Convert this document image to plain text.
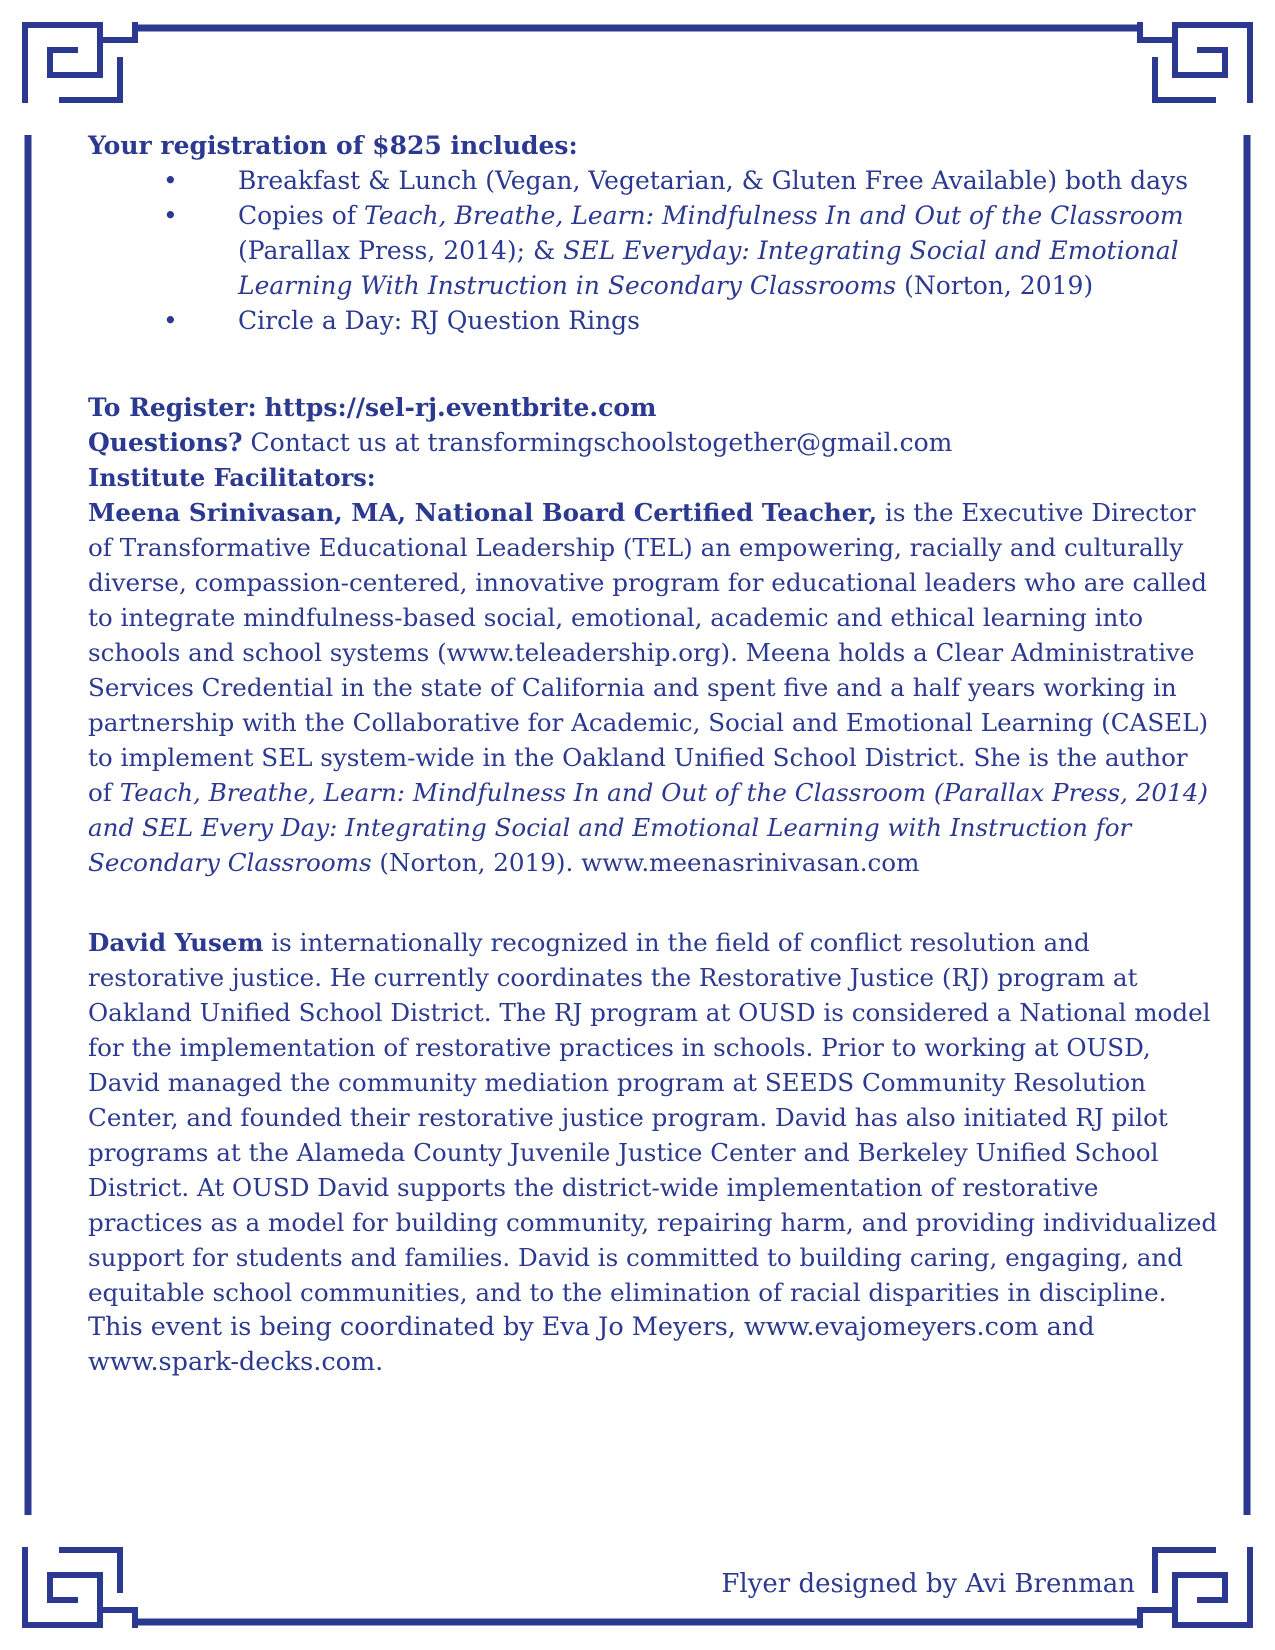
Your registration of $825 includes:

• Breakfast & Lunch (Vegan, Vegetarian, & Gluten Free Available) both days
• Copies of Teach, Breathe, Learn: Mindfulness In and Out of the Classroom (Parallax Press, 2014); & SEL Everyday: Integrating Social and Emotional Learning With Instruction in Secondary Classrooms (Norton, 2019)
• Circle a Day: RJ Question Rings

To Register: https://sel-rj.eventbrite.com

Questions? Contact us at transformingschoolstogether@gmail.com

Institute Facilitators:

Meena Srinivasan, MA, National Board Certified Teacher, is the Executive Director of Transformative Educational Leadership (TEL) an empowering, racially and culturally diverse, compassion-centered, innovative program for educational leaders who are called to integrate mindfulness-based social, emotional, academic and ethical learning into schools and school systems (www.teleadership.org). Meena holds a Clear Administrative Services Credential in the state of California and spent five and a half years working in partnership with the Collaborative for Academic, Social and Emotional Learning (CASEL) to implement SEL system-wide in the Oakland Unified School District. She is the author of Teach, Breathe, Learn: Mindfulness In and Out of the Classroom (Parallax Press, 2014) and SEL Every Day: Integrating Social and Emotional Learning with Instruction for Secondary Classrooms (Norton, 2019). www.meenasrinivasan.com

David Yusem is internationally recognized in the field of conflict resolution and restorative justice. He currently coordinates the Restorative Justice (RJ) program at Oakland Unified School District. The RJ program at OUSD is considered a National model for the implementation of restorative practices in schools. Prior to working at OUSD, David managed the community mediation program at SEEDS Community Resolution Center, and founded their restorative justice program. David has also initiated RJ pilot programs at the Alameda County Juvenile Justice Center and Berkeley Unified School District. At OUSD David supports the district-wide implementation of restorative practices as a model for building community, repairing harm, and providing individualized support for students and families. David is committed to building caring, engaging, and equitable school communities, and to the elimination of racial disparities in discipline.

This event is being coordinated by Eva Jo Meyers, www.evajomeyers.com and www.spark-decks.com.

Flyer designed by Avi Brenman
